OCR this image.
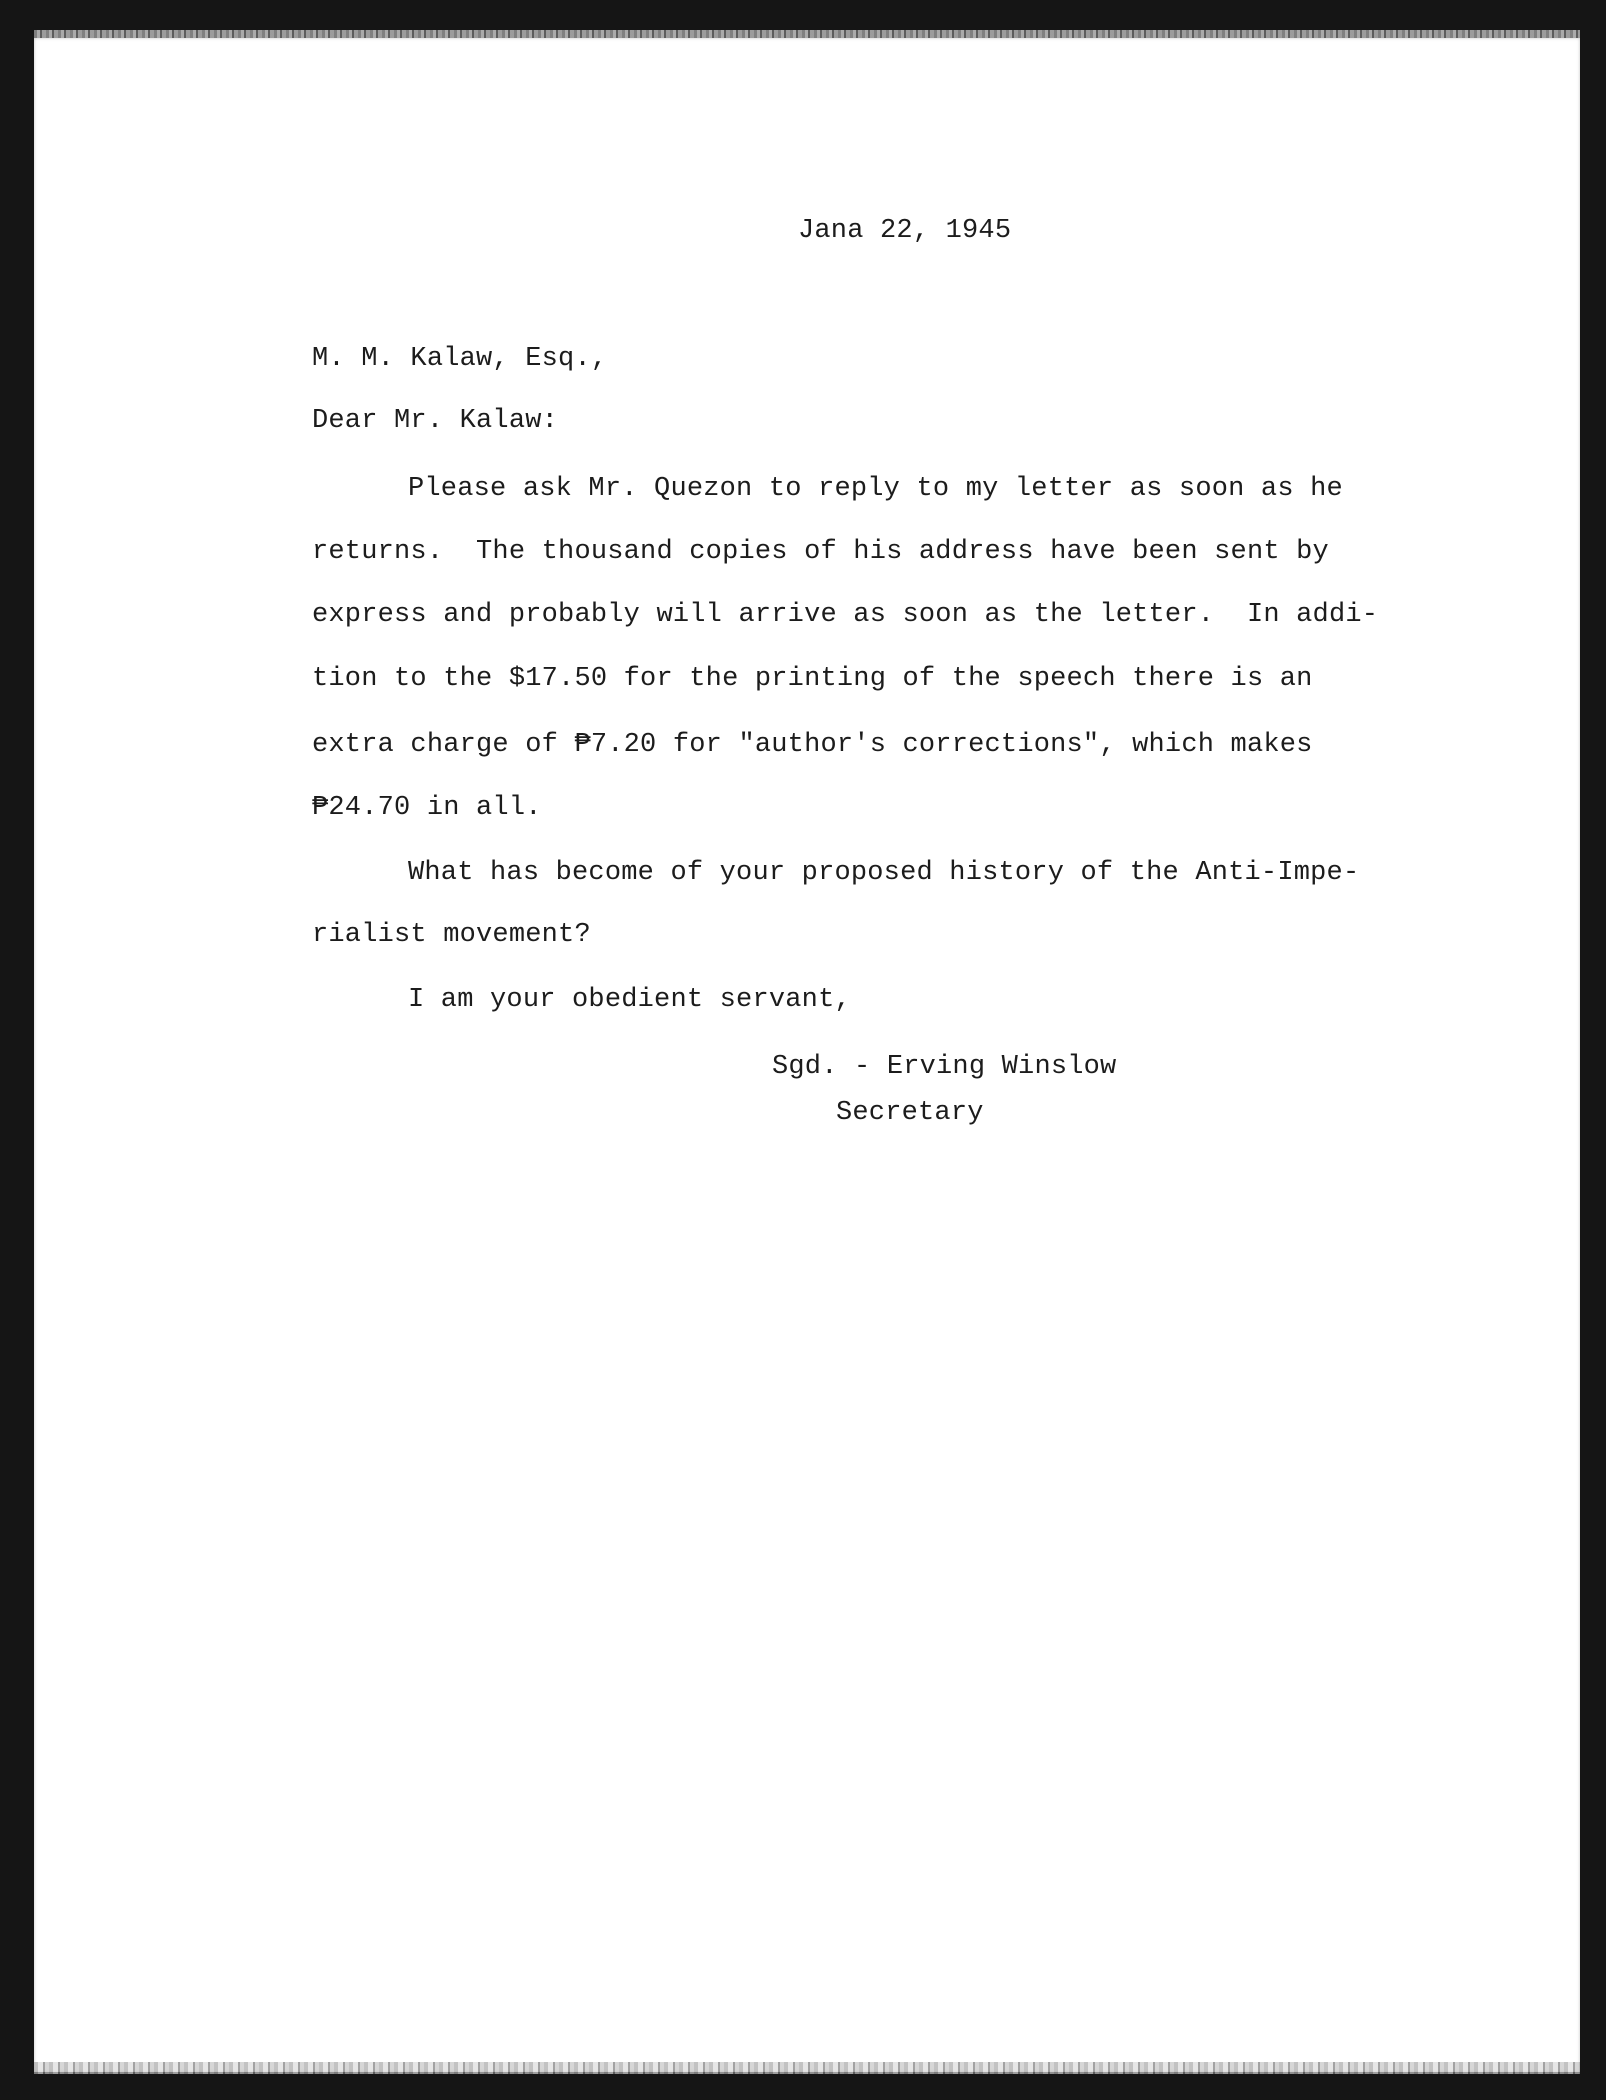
Jana 22, 1945

M. M. Kalaw, Esq.,

Dear Mr. Kalaw:

Please ask Mr. Quezon to reply to my letter as soon as he

returns.  The thousand copies of his address have been sent by

express and probably will arrive as soon as the letter.  In addi-

tion to the $17.50 for the printing of the speech there is an

extra charge of ₱7.20 for "author's corrections", which makes

₱24.70 in all.

What has become of your proposed history of the Anti-Impe-

rialist movement?

I am your obedient servant,

Sgd. - Erving Winslow

Secretary
